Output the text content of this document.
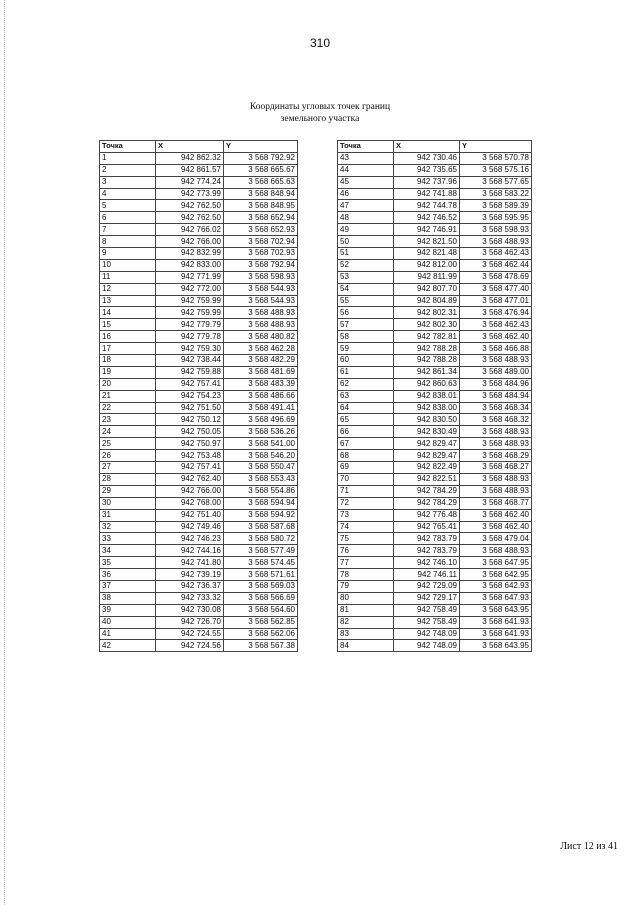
310
Координаты угловых точек границ
земельного участка
Точка	X	Y
1	942 862.32	3 568 792.92
2	942 861.57	3 568 665.67
3	942 774.24	3 568 665.63
4	942 773.99	3 568 848.94
5	942 762.50	3 568 848.95
6	942 762.50	3 568 652.94
7	942 766.02	3 568 652.93
8	942 766.00	3 568 702.94
9	942 832.99	3 568 702.93
10	942 833.00	3 568 792.94
11	942 771.99	3 568 598.93
12	942 772.00	3 568 544.93
13	942 759.99	3 568 544.93
14	942 759.99	3 568 488.93
15	942 779.79	3 568 488.93
16	942 779.78	3 568 480.82
17	942 759.30	3 568 462.28
18	942 738.44	3 568 482.29
19	942 759.88	3 568 481.69
20	942 757.41	3 568 483.39
21	942 754.23	3 568 486.66
22	942 751.50	3 568 491.41
23	942 750.12	3 568 496.69
24	942 750.05	3 568 536.26
25	942 750.97	3 568 541.00
26	942 753.48	3 568 546.20
27	942 757.41	3 568 550.47
28	942 762.40	3 568 553.43
29	942 766.00	3 568 554.86
30	942 768.00	3 568 594.94
31	942 751.40	3 568 594.92
32	942 749.46	3 568 587.68
33	942 746.23	3 568 580.72
34	942 744.16	3 568 577.49
35	942 741.80	3 568 574.45
36	942 739.19	3 568 571.61
37	942 736.37	3 568 569.03
38	942 733.32	3 568 566.69
39	942 730.08	3 568 564.60
40	942 726.70	3 568 562.85
41	942 724.55	3 568 562.06
42	942 724.56	3 568 567.38
Точка	X	Y
43	942 730.46	3 568 570.78
44	942 735.65	3 568 575.16
45	942 737.96	3 568 577.65
46	942 741.88	3 568 583.22
47	942 744.78	3 568 589.39
48	942 746.52	3 568 595.95
49	942 746.91	3 568 598.93
50	942 821.50	3 568 488.93
51	942 821.48	3 568 462.43
52	942 812.00	3 568 462.44
53	942 811.99	3 568 478.69
54	942 807.70	3 568 477.40
55	942 804.89	3 568 477.01
56	942 802.31	3 568 476.94
57	942 802.30	3 568 462.43
58	942 782.81	3 568 462.40
59	942 788.28	3 568 466.88
60	942 788.28	3 568 488.93
61	942 861.34	3 568 489.00
62	942 860.63	3 568 484.96
63	942 838.01	3 568 484.94
64	942 838.00	3 568 468.34
65	942 830.50	3 568 468.32
66	942 830.49	3 568 488.93
67	942 829.47	3 568 488.93
68	942 829.47	3 568 468.29
69	942 822.49	3 568 468.27
70	942 822.51	3 568 488.93
71	942 784.29	3 568 488.93
72	942 784.29	3 568 468.77
73	942 776.48	3 568 462.40
74	942 765.41	3 568 462.40
75	942 783.79	3 568 479.04
76	942 783.79	3 568 488.93
77	942 746.10	3 568 647.95
78	942 746.11	3 568 642.95
79	942 729.09	3 568 642.93
80	942 729.17	3 568 647.93
81	942 758.49	3 568 643.95
82	942 758.49	3 568 641.93
83	942 748.09	3 568 641.93
84	942 748.09	3 568 643.95
Лист 12 из 41
